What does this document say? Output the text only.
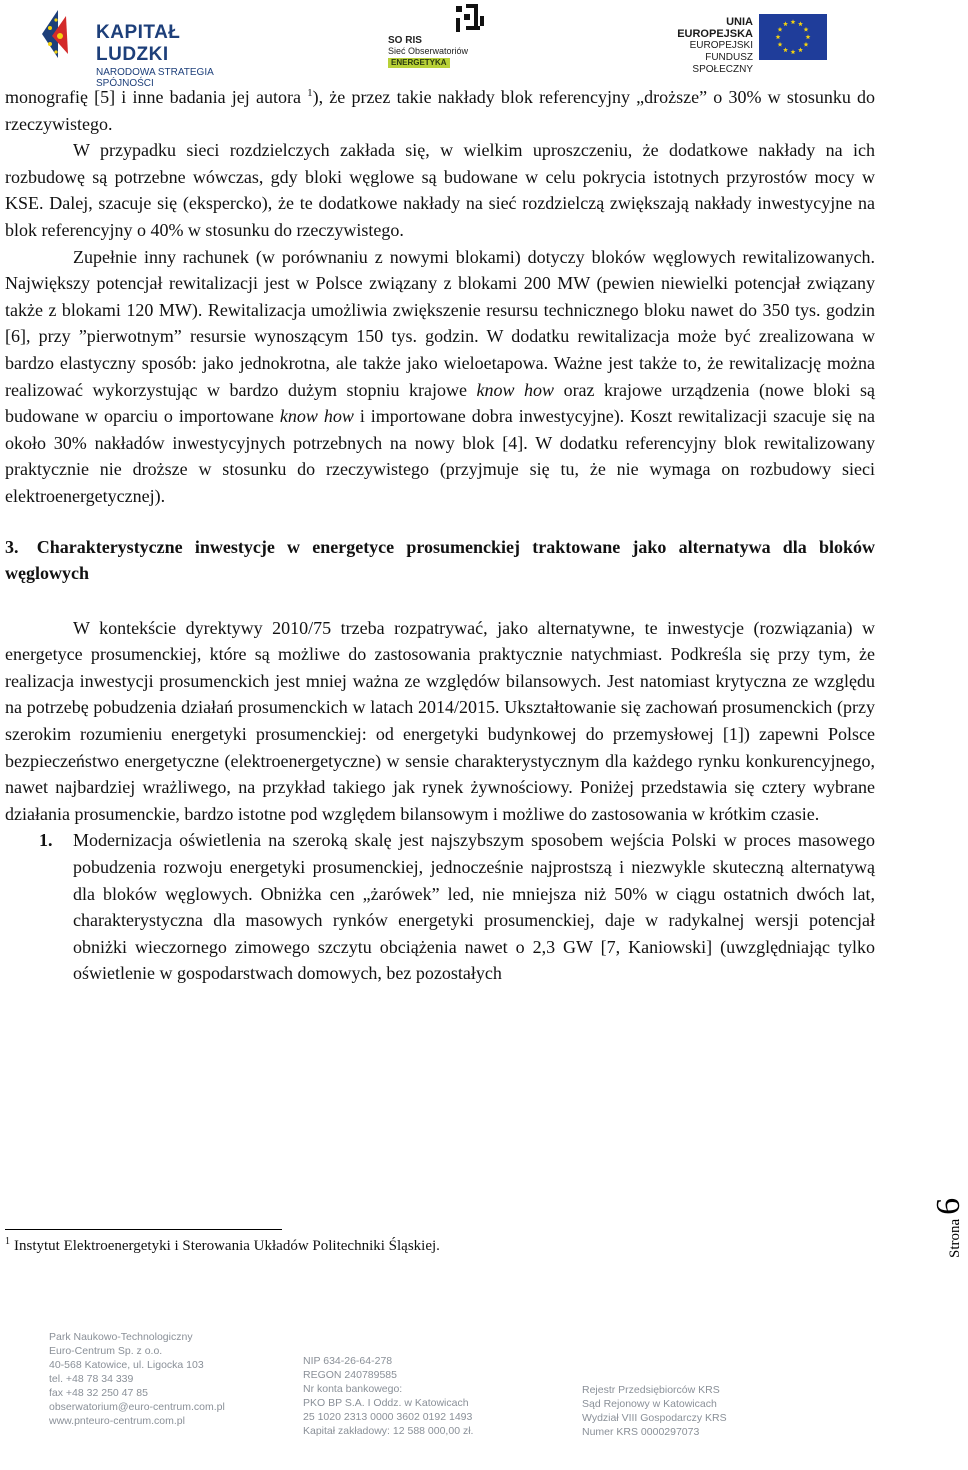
KAPITAŁ LUDZKI
NARODOWA STRATEGIA SPÓJNOŚCI
SO RIS
Sieć Obserwatoriów
ENERGETYKA
UNIA EUROPEJSKA
EUROPEJSKI
FUNDUSZ SPOŁECZNY

monografię [5] i inne badania jej autora $^1$), że przez takie nakłady blok referencyjny „droższe” o 30% w stosunku do rzeczywistego.

W przypadku sieci rozdzielczych zakłada się, w wielkim uproszczeniu, że dodatkowe nakłady na ich rozbudowę są potrzebne wówczas, gdy bloki węglowe są budowane w celu pokrycia istotnych przyrostów mocy w KSE. Dalej, szacuje się (ekspercko), że te dodatkowe nakłady na sieć rozdzielczą zwiększają nakłady inwestycyjne na blok referencyjny o 40% w stosunku do rzeczywistego.

Zupełnie inny rachunek (w porównaniu z nowymi blokami) dotyczy bloków węglowych rewitalizowanych. Największy potencjał rewitalizacji jest w Polsce związany z blokami 200 MW (pewien niewielki potencjał związany także z blokami 120 MW). Rewitalizacja umożliwia zwiększenie resursu technicznego bloku nawet do 350 tys. godzin [6], przy ”pierwotnym” resursie wynoszącym 150 tys. godzin. W dodatku rewitalizacja może być zrealizowana w bardzo elastyczny sposób: jako jednokrotna, ale także jako wieloetapowa. Ważne jest także to, że rewitalizację można realizować wykorzystując w bardzo dużym stopniu krajowe know how oraz krajowe urządzenia (nowe bloki są budowane w oparciu o importowane know how i importowane dobra inwestycyjne). Koszt rewitalizacji szacuje się na około 30% nakładów inwestycyjnych potrzebnych na nowy blok [4]. W dodatku referencyjny blok rewitalizowany praktycznie nie droższe w stosunku do rzeczywistego (przyjmuje się tu, że nie wymaga on rozbudowy sieci elektroenergetycznej).

3. Charakterystyczne inwestycje w energetyce prosumenckiej traktowane jako alternatywa dla bloków węglowych

W kontekście dyrektywy 2010/75 trzeba rozpatrywać, jako alternatywne, te inwestycje (rozwiązania) w energetyce prosumenckiej, które są możliwe do zastosowania praktycznie natychmiast. Podkreśla się przy tym, że realizacja inwestycji prosumenckich jest mniej ważna ze względów bilansowych. Jest natomiast krytyczna ze względu na potrzebę pobudzenia działań prosumenckich w latach 2014/2015. Ukształtowanie się zachowań prosumenckich (przy szerokim rozumieniu energetyki prosumenckiej: od energetyki budynkowej do przemysłowej [1]) zapewni Polsce bezpieczeństwo energetyczne (elektroenergetyczne) w sensie charakterystycznym dla każdego rynku konkurencyjnego, nawet najbardziej wrażliwego, na przykład takiego jak rynek żywnościowy. Poniżej przedstawia się cztery wybrane działania prosumenckie, bardzo istotne pod względem bilansowym i możliwe do zastosowania w krótkim czasie.

1. Modernizacja oświetlenia na szeroką skalę jest najszybszym sposobem wejścia Polski w proces masowego pobudzenia rozwoju energetyki prosumenckiej, jednocześnie najprostszą i niezwykle skuteczną alternatywą dla bloków węglowych. Obniżka cen „żarówek” led, nie mniejsza niż 50% w ciągu ostatnich dwóch lat, charakterystyczna dla masowych rynków energetyki prosumenckiej, daje w radykalnej wersji potencjał obniżki wieczornego zimowego szczytu obciążenia nawet o 2,3 GW [7, Kaniowski] (uwzględniając tylko oświetlenie w gospodarstwach domowych, bez pozostałych

$^1$ Instytut Elektroenergetyki i Sterowania Układów Politechniki Śląskiej.	Strona6
Park Naukowo-Technologiczny
Euro-Centrum Sp. z o.o.
40-568 Katowice, ul. Ligocka 103
tel. +48 78 34 339
fax +48 32 250 47 85
obserwatorium@euro-centrum.com.pl
www.pnteuro-centrum.com.pl
NIP 634-26-64-278
REGON 240789585
Nr konta bankowego:
PKO BP S.A. I Oddz. w Katowicach
25 1020 2313 0000 3602 0192 1493
Kapitał zakładowy: 12 588 000,00 zł.
Rejestr Przedsiębiorców KRS
Sąd Rejonowy w Katowicach
Wydział VIII Gospodarczy KRS
Numer KRS 0000297073
